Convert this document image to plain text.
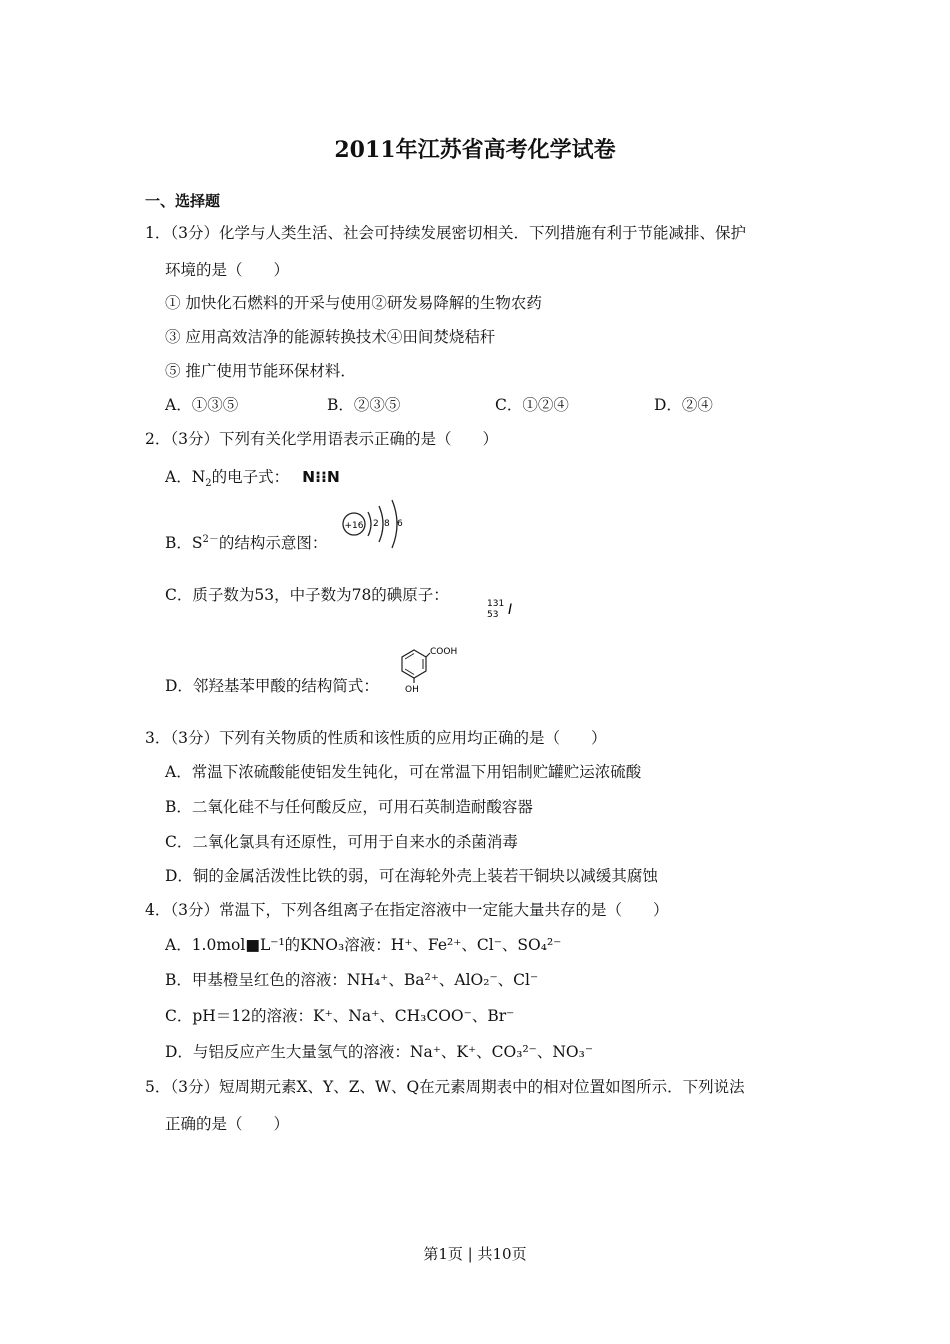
2011年江苏省高考化学试卷
一、选择题
1．（3分）化学与人类生活、社会可持续发展密切相关．下列措施有利于节能减排、保护
环境的是（　　）
① 加快化石燃料的开采与使用②研发易降解的生物农药
③ 应用高效洁净的能源转换技术④田间焚烧秸秆
⑤ 推广使用节能环保材料．
A．①③⑤	B．②③⑤	C．①②④	D．②④
2．（3分）下列有关化学用语表示正确的是（　　）
A．$N_2$的电子式： N⁝⁝N
B．$S^{2-}$的结构示意图：
+16 2 8 6
C．质子数为53，中子数为78的碘原子：	131
53 I
D．邻羟基苯甲酸的结构简式：
COOH
OH
3．（3分）下列有关物质的性质和该性质的应用均正确的是（　　）
A．常温下浓硫酸能使铝发生钝化，可在常温下用铝制贮罐贮运浓硫酸
B．二氧化硅不与任何酸反应，可用石英制造耐酸容器
C．二氧化氯具有还原性，可用于自来水的杀菌消毒
D．铜的金属活泼性比铁的弱，可在海轮外壳上装若干铜块以减缓其腐蚀
4．（3分）常温下，下列各组离子在指定溶液中一定能大量共存的是（　　）
A．1.0mol■L⁻¹的KNO₃溶液：H⁺、Fe²⁺、Cl⁻、SO₄²⁻
B．甲基橙呈红色的溶液：NH₄⁺、Ba²⁺、AlO₂⁻、Cl⁻
C．pH＝12的溶液：K⁺、Na⁺、CH₃COO⁻、Br⁻
D．与铝反应产生大量氢气的溶液：Na⁺、K⁺、CO₃²⁻、NO₃⁻
5．（3分）短周期元素X、Y、Z、W、Q在元素周期表中的相对位置如图所示．下列说法
正确的是（　　）
第1页 | 共10页
